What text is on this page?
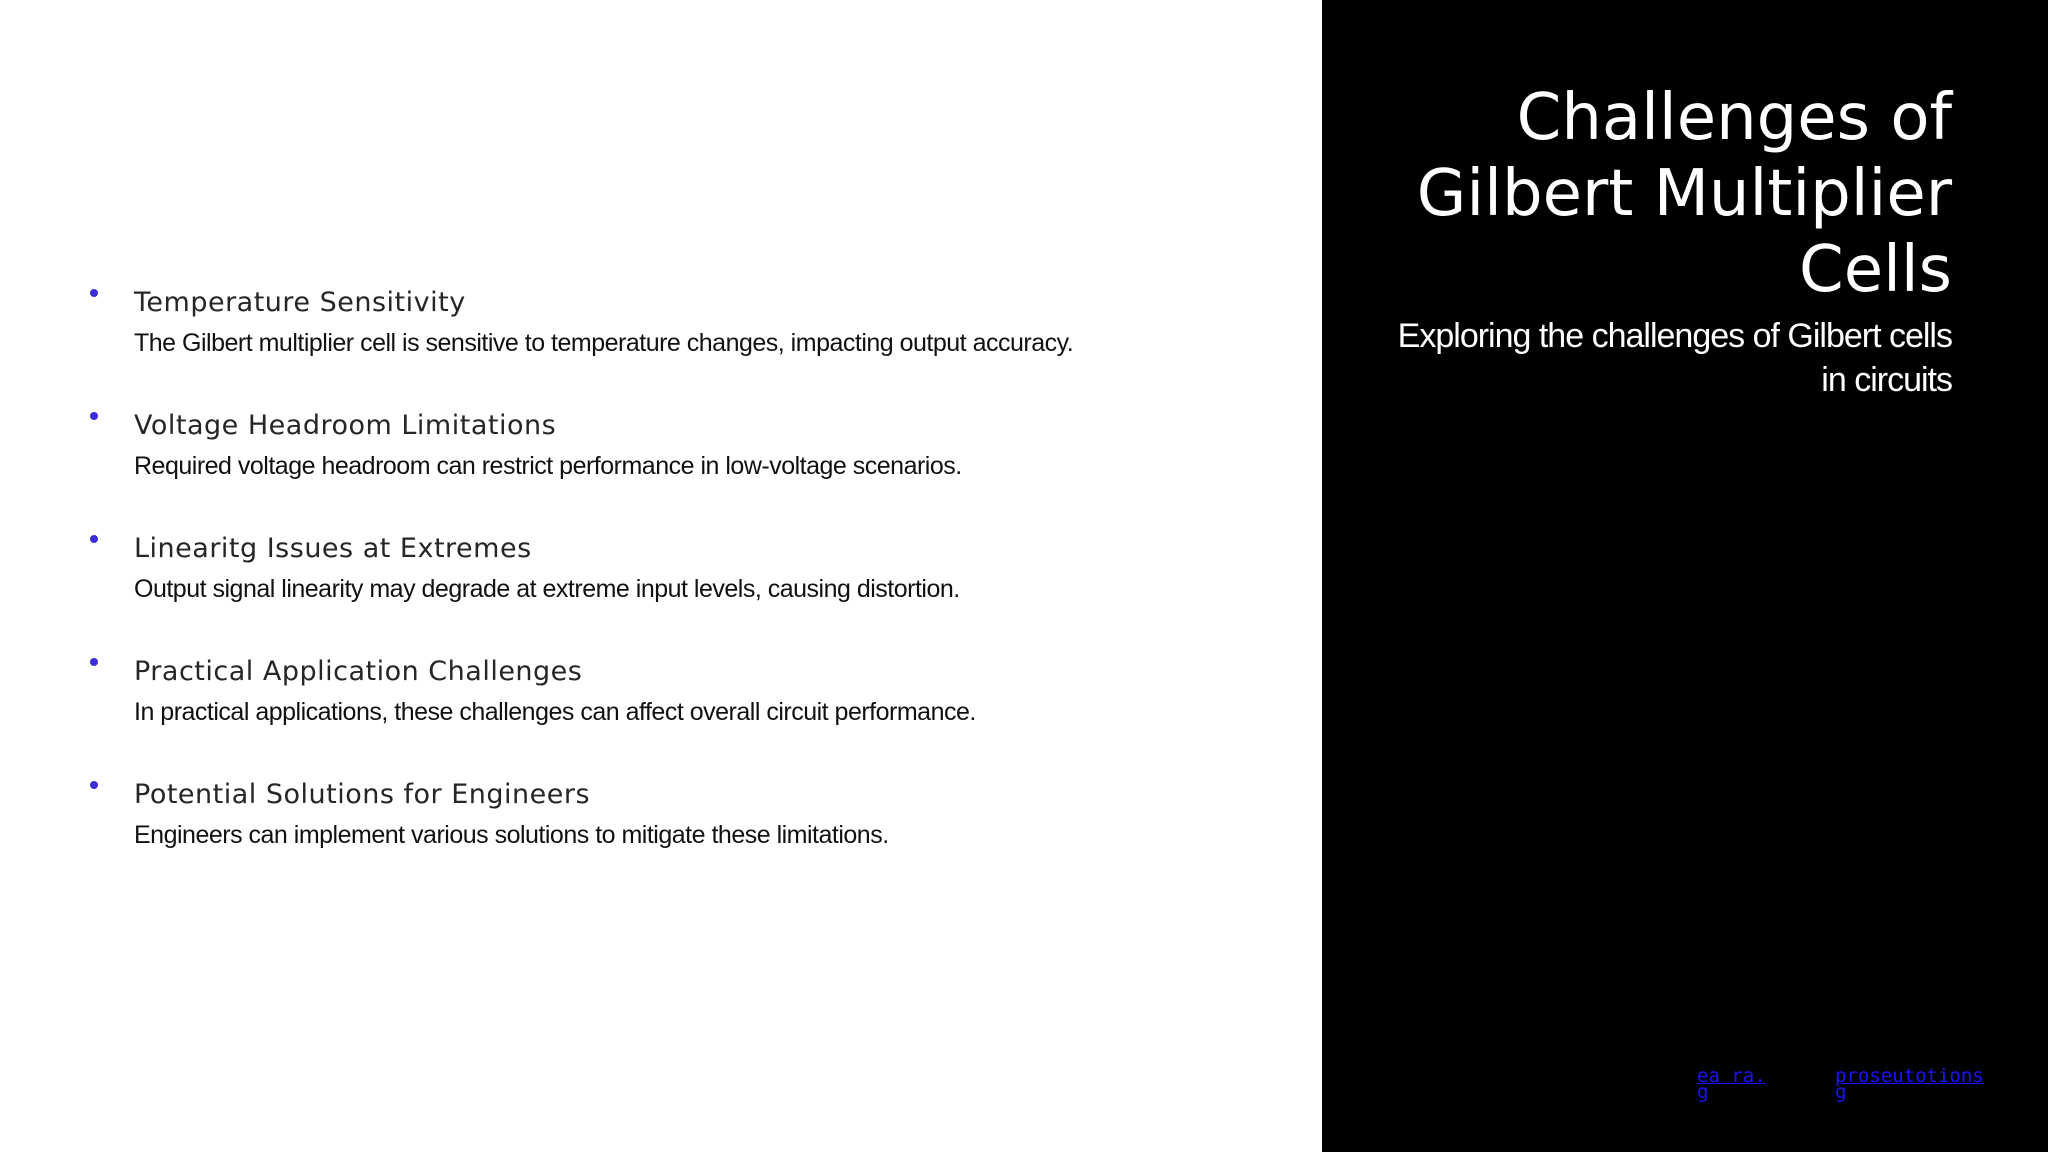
Temperature Sensitivity
The Gilbert multiplier cell is sensitive to temperature changes, impacting output accuracy.
Voltage Headroom Limitations
Required voltage headroom can restrict performance in low-voltage scenarios.
Linearitg Issues at Extremes
Output signal linearity may degrade at extreme input levels, causing distortion.
Practical Application Challenges
In practical applications, these challenges can affect overall circuit performance.
Potential Solutions for Engineers
Engineers can implement various solutions to mitigate these limitations.
Challenges of Gilbert Multiplier Cells
Exploring the challenges of Gilbert cells in circuits
ea ra. g
proseutotions g
